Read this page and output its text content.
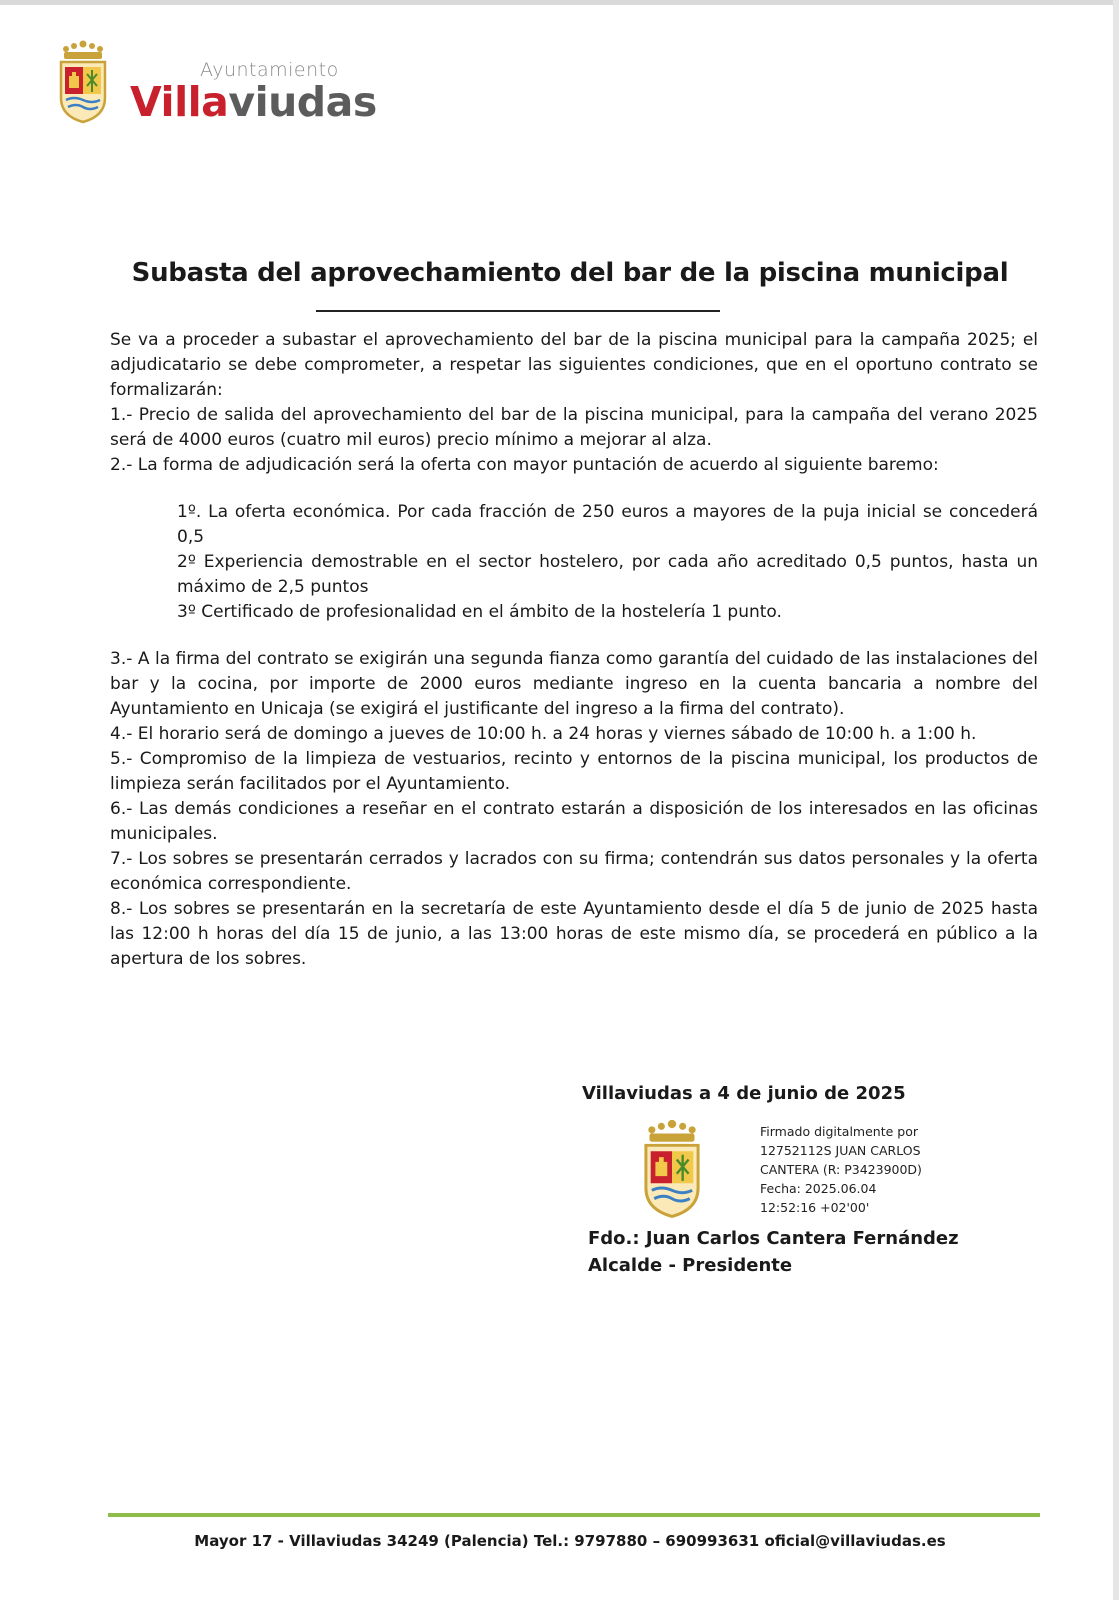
Ayuntamiento
Villaviudas
Subasta del aprovechamiento del bar de la piscina municipal

Se va a proceder a subastar el aprovechamiento del bar de la piscina municipal para la campaña 2025; el adjudicatario se debe comprometer, a respetar las siguientes condiciones, que en el oportuno contrato se formalizarán:

1.- Precio de salida del aprovechamiento del bar de la piscina municipal, para la campaña del verano 2025 será de 4000 euros (cuatro mil euros) precio mínimo a mejorar al alza.

2.- La forma de adjudicación será la oferta con mayor puntación de acuerdo al siguiente baremo:

1º. La oferta económica. Por cada fracción de 250 euros a mayores de la puja inicial se concederá 0,5

2º Experiencia demostrable en el sector hostelero, por cada año acreditado 0,5 puntos, hasta un máximo de 2,5 puntos

3º Certificado de profesionalidad en el ámbito de la hostelería 1 punto.

3.- A la firma del contrato se exigirán una segunda fianza como garantía del cuidado de las instalaciones del bar y la cocina, por importe de 2000 euros mediante ingreso en la cuenta bancaria a nombre del Ayuntamiento en Unicaja (se exigirá el justificante del ingreso a la firma del contrato).

4.- El horario será de domingo a jueves de 10:00 h. a 24 horas y viernes sábado de 10:00 h. a 1:00 h.

5.- Compromiso de la limpieza de vestuarios, recinto y entornos de la piscina municipal, los productos de limpieza serán facilitados por el Ayuntamiento.

6.- Las demás condiciones a reseñar en el contrato estarán a disposición de los interesados en las oficinas municipales.

7.- Los sobres se presentarán cerrados y lacrados con su firma; contendrán sus datos personales y la oferta económica correspondiente.

8.- Los sobres se presentarán en la secretaría de este Ayuntamiento desde el día 5 de junio de 2025 hasta las 12:00 h horas del día 15 de junio, a las 13:00 horas de este mismo día, se procederá en público a la apertura de los sobres.

Villaviudas a 4 de junio de 2025
Firmado digitalmente por
12752112S JUAN CARLOS
CANTERA (R: P3423900D)
Fecha: 2025.06.04
12:52:16 +02'00'
Fdo.: Juan Carlos Cantera Fernández
Alcalde - Presidente
Mayor 17 - Villaviudas 34249 (Palencia) Tel.: 9797880 – 690993631 oficial@villaviudas.es
